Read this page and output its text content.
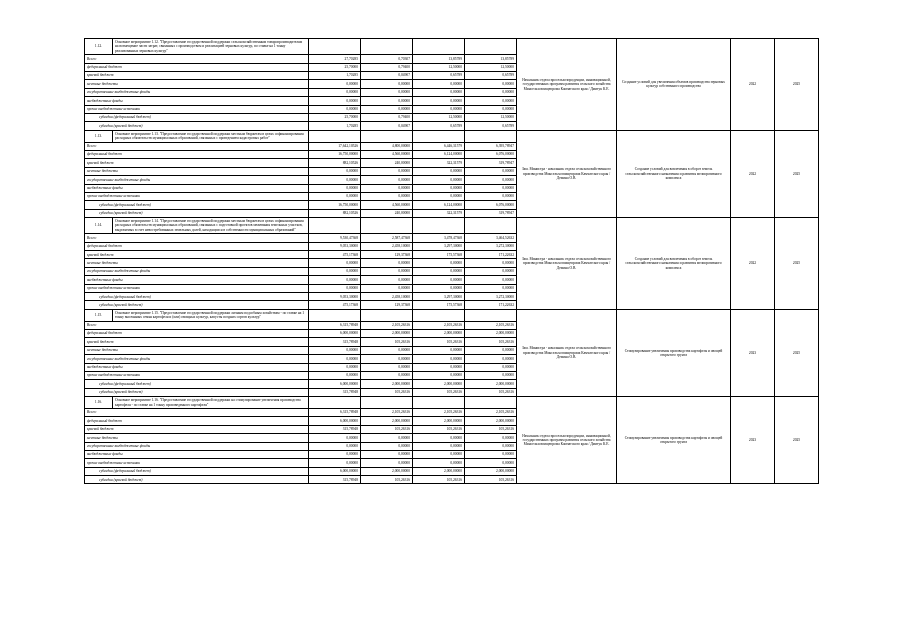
1.12.	Основное мероприятие 1.12. "Предоставление государственной поддержки сельскохозяйственным товаропроизводителям на возмещение части затрат, связанных с производством и реализацией зерновых культур, по ставке на 1 тонну реализованных зерновых культур"					Начальник отдела npoсельхозпродукции, инновационной, государственных программ развития сельского хозяйства Минсельхозпищепрома Камчатского края / Дмитук К.Е.	Создание условий для увеличения объемов производства зерновых культур собственного производства	2022	2025
Всего:		27,70285	0,70307	13,85789	13,85789				
федеральный бюджет		25,70000	0,79400	12,50000	12,50000				
краевой бюджет		1,70285	0,04907	0,65789	0,65789				
местные бюджеты		0,00000	0,00000	0,00000	0,00000				
государственные внебюджетные фонды		0,00000	0,00000	0,00000	0,00000				
внебюджетные фонды		0,00000	0,00000	0,00000	0,00000				
прочие внебюджетные источники		0,00000	0,00000	0,00000	0,00000				
субсидии (федеральный бюджет)		25,70000	0,79400	12,50000	12,50000				
субсидии (краевой бюджет)		1,70285	0,04907	0,65789	0,65789				
1.13.	Основное мероприятие 1.13. "Предоставление государственной поддержки местным бюджетам в целях софинансирования расходных обязательств муниципальных образований, связанных с проведением кадастровых работ"					Зам. Министра - начальник отдела сельскохозяйственного производства Минсельхозпищепрома Камчатского края / Демина О.В.	Создание условий для вовлечения в оборот земель сельскохозяйственного назначения и развития мелиоративного комплекса	2022	2025
Всего:		17,642,10526	4,800,00000	6,446,31579	6,395,78947				
федеральный бюджет		16,750,00000	4,560,00000	6,124,00000	6,076,00000				
краевой бюджет		882,10526	240,00000	322,31579	319,78947				
местные бюджеты		0,00000	0,00000	0,00000	0,00000				
государственные внебюджетные фонды		0,00000	0,00000	0,00000	0,00000				
внебюджетные фонды		0,00000	0,00000	0,00000	0,00000				
прочие внебюджетные источники		0,00000	0,00000	0,00000	0,00000				
субсидии (федеральный бюджет)		16,750,00000	4,560,00000	6,124,00000	6,076,00000				
субсидии (краевой бюджет)		882,10526	240,00000	322,31579	319,78947				
1.14.	Основное мероприятие 1.14. "Предоставление государственной поддержки местным бюджетам в целях софинансирования расходных обязательств муниципальных образований, связанных с подготовкой проектов межевания земельных участков, выделяемых в счет невостребованных земельных долей, находящихся в собственности муниципальных образований"					Зам. Министра - начальник отдела сельскохозяйственного производства Минсельхозпищепрома Камчатского края / Демина О.В.	Создание условий для вовлечения в оборот земель сельскохозяйственного назначения и развития мелиоративного комплекса	2022	2025
Всего:		9,530,47368	2,587,47368	3,478,47368	3,464,52632				
федеральный бюджет		9,053,30000	2,458,10000	3,297,30000	3,272,30000				
краевой бюджет		475,17368	129,37368	175,57368	171,22632				
местные бюджеты		0,00000	0,00000	0,00000	0,00000				
государственные внебюджетные фонды		0,00000	0,00000	0,00000	0,00000				
внебюджетные фонды		0,00000	0,00000	0,00000	0,00000				
прочие внебюджетные источники		0,00000	0,00000	0,00000	0,00000				
субсидии (федеральный бюджет)		9,053,30000	2,458,10000	3,297,30000	3,272,30000				
субсидии (краевой бюджет)		475,17368	129,37368	175,57368	171,22632				
1.15.	Основное мероприятие 1.15. "Предоставление государственной поддержки личным подсобным хозяйствам - по ставке на 1 тонну высеянных семян картофеля и (или) овощных культур, капусты поздних сортов культур"					Зам. Министра - начальник отдела сельскохозяйственного производства Минсельхозпищепрома Камчатского края / Демина О.В.	Стимулирование увеличения производства картофеля и овощей открытого грунта	2023	2025
Всего:		6,315,78948	2,105,26316	2,105,26316	2,105,26316				
федеральный бюджет		6,000,00000	2,000,00000	2,000,00000	2,000,00000				
краевой бюджет		315,78948	105,26316	105,26316	105,26316				
местные бюджеты		0,00000	0,00000	0,00000	0,00000				
государственные внебюджетные фонды		0,00000	0,00000	0,00000	0,00000				
внебюджетные фонды		0,00000	0,00000	0,00000	0,00000				
прочие внебюджетные источники		0,00000	0,00000	0,00000	0,00000				
субсидии (федеральный бюджет)		6,000,00000	2,000,00000	2,000,00000	2,000,00000				
субсидии (краевой бюджет)		315,78948	105,26316	105,26316	105,26316				
1.16.	Основное мероприятие 1.16. "Предоставление государственной поддержки на стимулирование увеличения производства картофеля - по ставке на 1 тонну произведенного картофеля"					Начальник отдела npoсельхозпродукции, инновационной, государственных программ развития сельского хозяйства Минсельхозпищепрома Камчатского края / Дмитук К.Е.	Стимулирование увеличения производства картофеля и овощей открытого грунта	2023	2025
Всего:		6,315,78948	2,105,26316	2,105,26316	2,105,26316				
федеральный бюджет		6,000,00000	2,000,00000	2,000,00000	2,000,00000				
краевой бюджет		315,78948	105,26316	105,26316	105,26316				
местные бюджеты		0,00000	0,00000	0,00000	0,00000				
государственные внебюджетные фонды		0,00000	0,00000	0,00000	0,00000				
внебюджетные фонды		0,00000	0,00000	0,00000	0,00000				
прочие внебюджетные источники		0,00000	0,00000	0,00000	0,00000				
субсидии (федеральный бюджет)		6,000,00000	2,000,00000	2,000,00000	2,000,00000				
субсидии (краевой бюджет)		315,78948	105,26316	105,26316	105,26316				
